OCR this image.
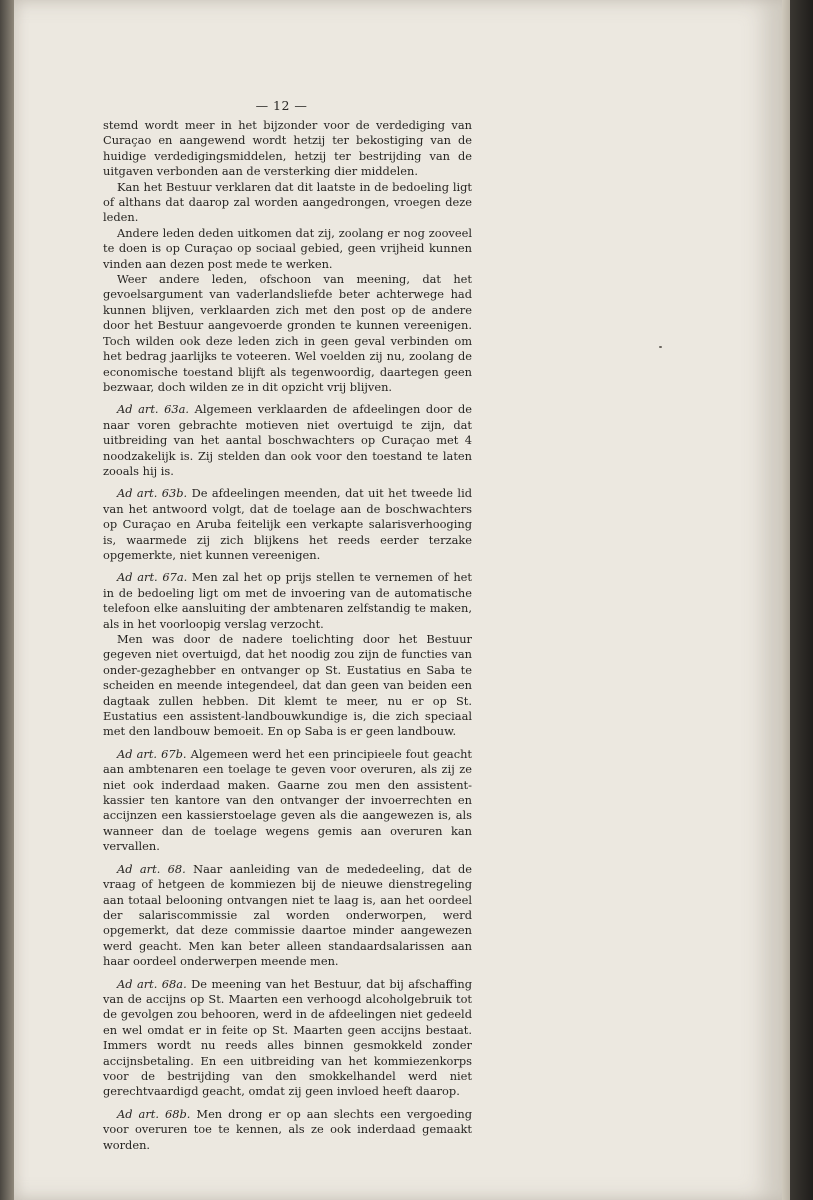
— 12 —

stemd wordt meer in het bijzonder voor de verdediging van Curaçao en aangewend wordt hetzij ter bekostiging van de huidige verdedigingsmiddelen, hetzij ter bestrijding van de uitgaven verbonden aan de versterking dier middelen.

Kan het Bestuur verklaren dat dit laatste in de bedoeling ligt of althans dat daarop zal worden aangedrongen, vroegen deze leden.

Andere leden deden uitkomen dat zij, zoolang er nog zooveel te doen is op Curaçao op sociaal gebied, geen vrijheid kunnen vinden aan dezen post mede te werken.

Weer andere leden, ofschoon van meening, dat het gevoelsargument van vaderlandsliefde beter achterwege had kunnen blijven, verklaarden zich met den post op de andere door het Bestuur aangevoerde gronden te kunnen vereenigen. Toch wilden ook deze leden zich in geen geval verbinden om het bedrag jaarlijks te voteeren. Wel voelden zij nu, zoolang de economische toestand blijft als tegenwoordig, daartegen geen bezwaar, doch wilden ze in dit opzicht vrij blijven.

Ad art. 63a. Algemeen verklaarden de afdeelingen door de naar voren gebrachte motieven niet overtuigd te zijn, dat uitbreiding van het aantal boschwachters op Curaçao met 4 noodzakelijk is. Zij stelden dan ook voor den toestand te laten zooals hij is.

Ad art. 63b. De afdeelingen meenden, dat uit het tweede lid van het antwoord volgt, dat de toelage aan de boschwachters op Curaçao en Aruba feitelijk een verkapte salarisverhooging is, waarmede zij zich blijkens het reeds eerder terzake opgemerkte, niet kunnen vereenigen.

Ad art. 67a. Men zal het op prijs stellen te vernemen of het in de bedoeling ligt om met de invoering van de automatische telefoon elke aansluiting der ambtenaren zelfstandig te maken, als in het voorloopig verslag verzocht.

Men was door de nadere toelichting door het Bestuur gegeven niet overtuigd, dat het noodig zou zijn de functies van onder-gezaghebber en ontvanger op St. Eustatius en Saba te scheiden en meende integendeel, dat dan geen van beiden een dagtaak zullen hebben. Dit klemt te meer, nu er op St. Eustatius een assistent-landbouwkundige is, die zich speciaal met den landbouw bemoeit. En op Saba is er geen landbouw.

Ad art. 67b. Algemeen werd het een principieele fout geacht aan ambtenaren een toelage te geven voor overuren, als zij ze niet ook inderdaad maken. Gaarne zou men den assistent-kassier ten kantore van den ontvanger der invoerrechten en accijnzen een kassierstoelage geven als die aangewezen is, als wanneer dan de toelage wegens gemis aan overuren kan vervallen.

Ad art. 68. Naar aanleiding van de mededeeling, dat de vraag of hetgeen de kommiezen bij de nieuwe dienstregeling aan totaal belooning ontvangen niet te laag is, aan het oordeel der salariscommissie zal worden onderworpen, werd opgemerkt, dat deze commissie daartoe minder aangewezen werd geacht. Men kan beter alleen standaardsalarissen aan haar oordeel onderwerpen meende men.

Ad art. 68a. De meening van het Bestuur, dat bij afschaffing van de accijns op St. Maarten een verhoogd alcoholgebruik tot de gevolgen zou behooren, werd in de afdeelingen niet gedeeld en wel omdat er in feite op St. Maarten geen accijns bestaat. Immers wordt nu reeds alles binnen gesmokkeld zonder accijnsbetaling. En een uitbreiding van het kommiezenkorps voor de bestrijding van den smokkelhandel werd niet gerechtvaardigd geacht, omdat zij geen invloed heeft daarop.

Ad art. 68b. Men drong er op aan slechts een vergoeding voor overuren toe te kennen, als ze ook inderdaad gemaakt worden.
